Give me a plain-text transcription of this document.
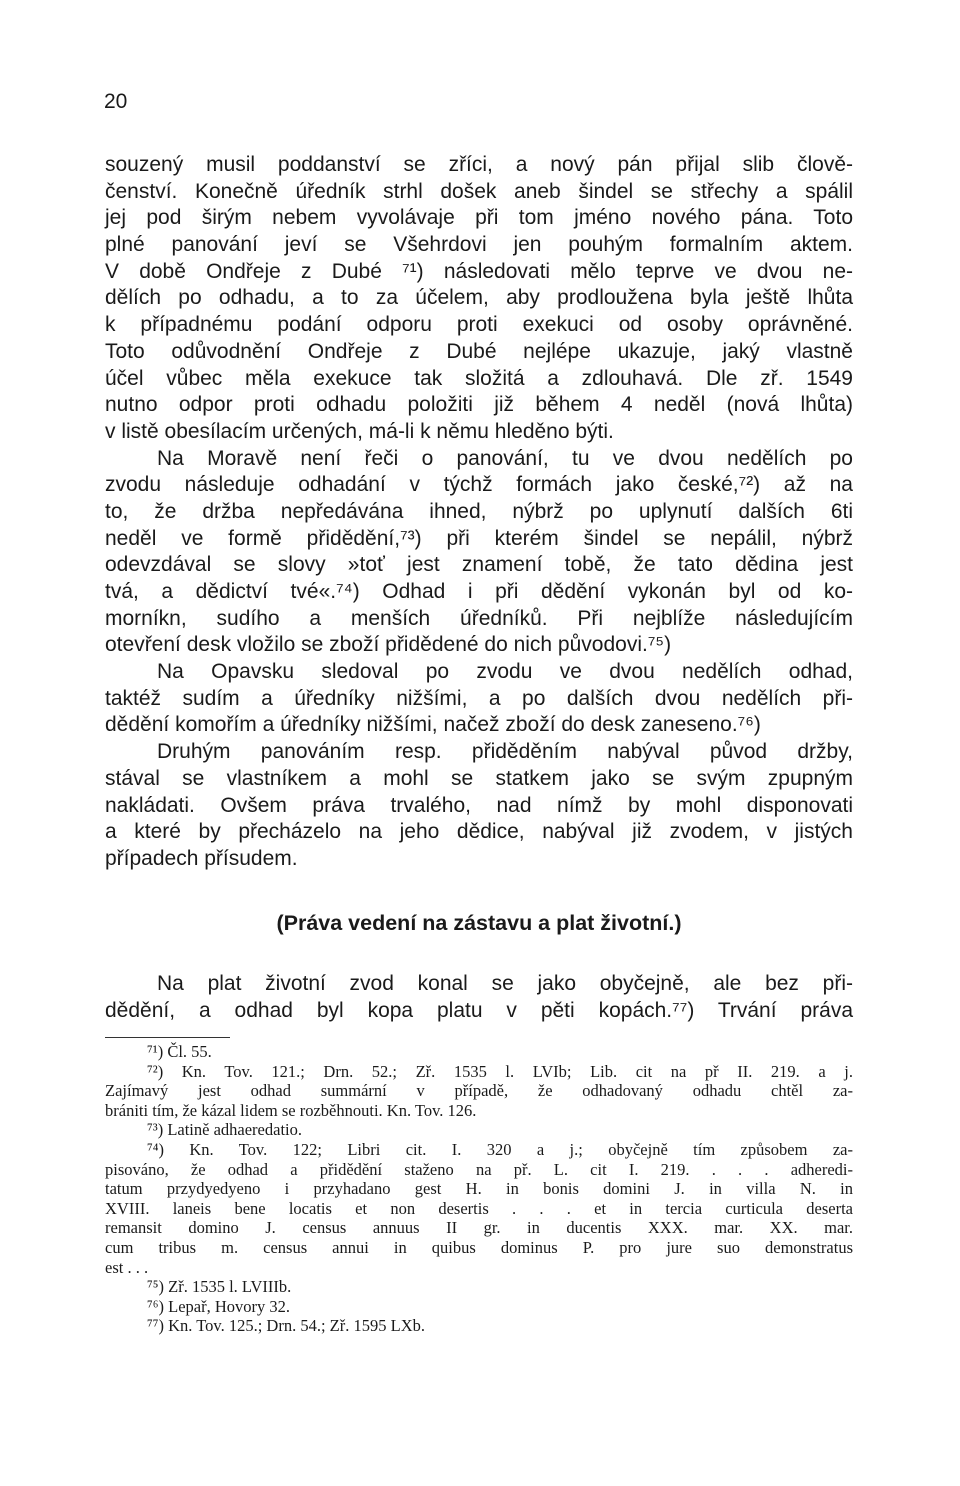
20
souzený musil poddanství se zříci, a nový pán přijal slib člově-
čenství. Konečně úředník strhl došek aneb šindel se střechy a spálil
jej pod širým nebem vyvolávaje při tom jméno nového pána. Toto
plné panování jeví se Všehrdovi jen pouhým formalním aktem.
V době Ondřeje z Dubé ⁷¹) následovati mělo teprve ve dvou ne-
dělích po odhadu, a to za účelem, aby prodloužena byla ještě lhůta
k případnému podání odporu proti exekuci od osoby oprávněné.
Toto odůvodnění Ondřeje z Dubé nejlépe ukazuje, jaký vlastně
účel vůbec měla exekuce tak složitá a zdlouhavá. Dle zř. 1549
nutno odpor proti odhadu položiti již během 4 neděl (nová lhůta)
v listě obesílacím určených, má-li k němu hleděno býti.
Na Moravě není řeči o panování, tu ve dvou nedělích po
zvodu následuje odhadání v týchž formách jako české,⁷²) až na
to, že držba nepředávána ihned, nýbrž po uplynutí dalších 6ti
neděl ve formě přidědění,⁷³) při kterém šindel se nepálil, nýbrž
odevzdával se slovy »toť jest znamení tobě, že tato dědina jest
tvá, a dědictví tvé«.⁷⁴) Odhad i při dědění vykonán byl od ko-
morníkn, sudího a menších úředníků. Při nejblíže následujícím
otevření desk vložilo se zboží přidědené do nich původovi.⁷⁵)
Na Opavsku sledoval po zvodu ve dvou nedělích odhad,
taktéž sudím a úředníky nižšími, a po dalších dvou nedělích při-
dědění komořím a úředníky nižšími, načež zboží do desk zaneseno.⁷⁶)
Druhým panováním resp. přiděděním nabýval původ držby,
stával se vlastníkem a mohl se statkem jako se svým zpupným
nakládati. Ovšem práva trvalého, nad nímž by mohl disponovati
a které by přecházelo na jeho dědice, nabýval již zvodem, v jistých
případech přísudem.
(Práva vedení na zástavu a plat životní.)
Na plat životní zvod konal se jako obyčejně, ale bez při-
dědění, a odhad byl kopa platu v pěti kopách.⁷⁷) Trvání práva
⁷¹) Čl. 55.
⁷²) Kn. Tov. 121.; Drn. 52.; Zř. 1535 l. LVIb; Lib. cit na př II. 219. a j.
Zajímavý jest odhad summární v případě, že odhadovaný odhadu chtěl za-
brániti tím, že kázal lidem se rozběhnouti. Kn. Tov. 126.
⁷³) Latině adhaeredatio.
⁷⁴) Kn. Tov. 122; Libri cit. I. 320 a j.; obyčejně tím způsobem za-
pisováno, že odhad a přidědění staženo na př. L. cit I. 219. . . . adheredi-
tatum przydyedyeno i przyhadano gest H. in bonis domini J. in villa N. in
XVIII. laneis bene locatis et non desertis . . . et in tercia curticula deserta
remansit domino J. census annuus II gr. in ducentis XXX. mar. XX. mar.
cum tribus m. census annui in quibus dominus P. pro jure suo demonstratus
est . . .
⁷⁵) Zř. 1535 l. LVIIIb.
⁷⁶) Lepař, Hovory 32.
⁷⁷) Kn. Tov. 125.; Drn. 54.; Zř. 1595 LXb.
